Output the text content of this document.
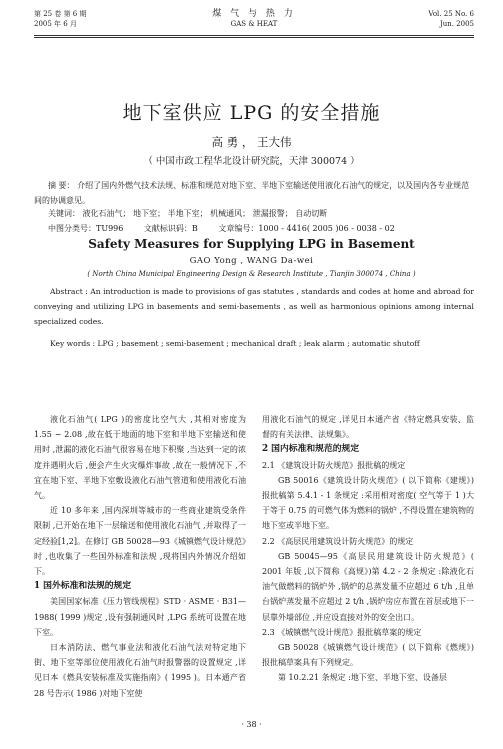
第 25 卷 第 6 期
2005 年 6 月
煤 气 与 热 力
GAS & HEAT
Vol. 25 No. 6
Jun. 2005
地下室供应 LPG 的安全措施
高 勇 ， 王大伟
（ 中国市政工程华北设计研究院，天津 300074 ）
摘 要： 介绍了国内外燃气技术法规、标准和规范对地下室、半地下室输送使用液化石油气的规定，以及国内各专业规范间的协调意见。
关键词： 液化石油气； 地下室； 半地下室； 机械通风； 泄漏报警； 自动切断
中图分类号：TU996	文献标识码：B	文章编号：1000 - 4416( 2005 )06 - 0038 - 02
Safety Measures for Supplying LPG in Basement
GAO Yong , WANG Da-wei
( North China Municipal Engineering Design & Research Institute , Tianjin 300074 , China )
Abstract : An introduction is made to provisions of gas statutes , standards and codes at home and abroad for conveying and utilizing LPG in basements and semi-basements , as well as harmonious opinions among internal specialized codes.
Key words : LPG ; basement ; semi-basement ; mechanical draft ; leak alarm ; automatic shutoff

液化石油气( LPG )的密度比空气大 ,其相对密度为 1.55 ~ 2.08 ,故在低于地面的地下室和半地下室输送和使用时 ,泄漏的液化石油气很容易在地下积聚 ,当达到一定的浓度并遇明火后 ,便会产生火灾爆炸事故 ,故在一般情况下 ,不宜在地下室、半地下室敷设液化石油气管道和使用液化石油气。

近 10 多年来 ,国内深圳等城市的一些商业建筑受条件限制 ,已开始在地下一层输送和使用液化石油气 ,并取得了一定经验[1,2]。在修订 GB 50028—93《城镇燃气设计规范》时 ,也收集了一些国外标准和法规 ,现将国内外情况介绍如下。

1 国外标准和法规的规定

美国国家标准《压力管线规程》STD · ASME · B31—1988( 1999 )规定 ,设有强制通风时 ,LPG 系统可设置在地下室。

日本消防法、燃气事业法和液化石油气法对特定地下街、地下室等部位使用液化石油气时报警器的设置规定 ,详见日本《燃具安装标准及实施指南》( 1995 )。日本通产省 28 号告示( 1986 )对地下室使

用液化石油气的规定 ,详见日本通产省《特定燃具安装、监督的有关法律、法规集》。

2 国内标准和规范的规定
2.1 《建筑设计防火规范》报批稿的规定

GB 50016《建筑设计防火规范》( 以下简称《建规》)报批稿第 5.4.1 - 1 条规定 :采用相对密度( 空气等于 1 )大于等于 0.75 的可燃气体为燃料的锅炉 ,不得设置在建筑物的地下室或半地下室。

2.2 《高层民用建筑设计防火规范》的规定

GB 50045—95《高层民用建筑设计防火规范》( 2001 年版 ,以下简称《高规》)第 4.2 - 2 条规定 :除液化石油气做燃料的锅炉外 ,锅炉的总蒸发量不应超过 6 t/h ,且单台锅炉蒸发量不应超过 2 t/h ,锅炉房应布置在首层或地下一层靠外墙部位 ,并应设直接对外的安全出口。

2.3 《城镇燃气设计规范》报批稿草案的规定

GB 50028《城镇燃气设计规范》( 以下简称《燃规》)报批稿草案具有下列规定。

第 10.2.21 条规定 :地下室、半地下室、设备层

· 38 ·
